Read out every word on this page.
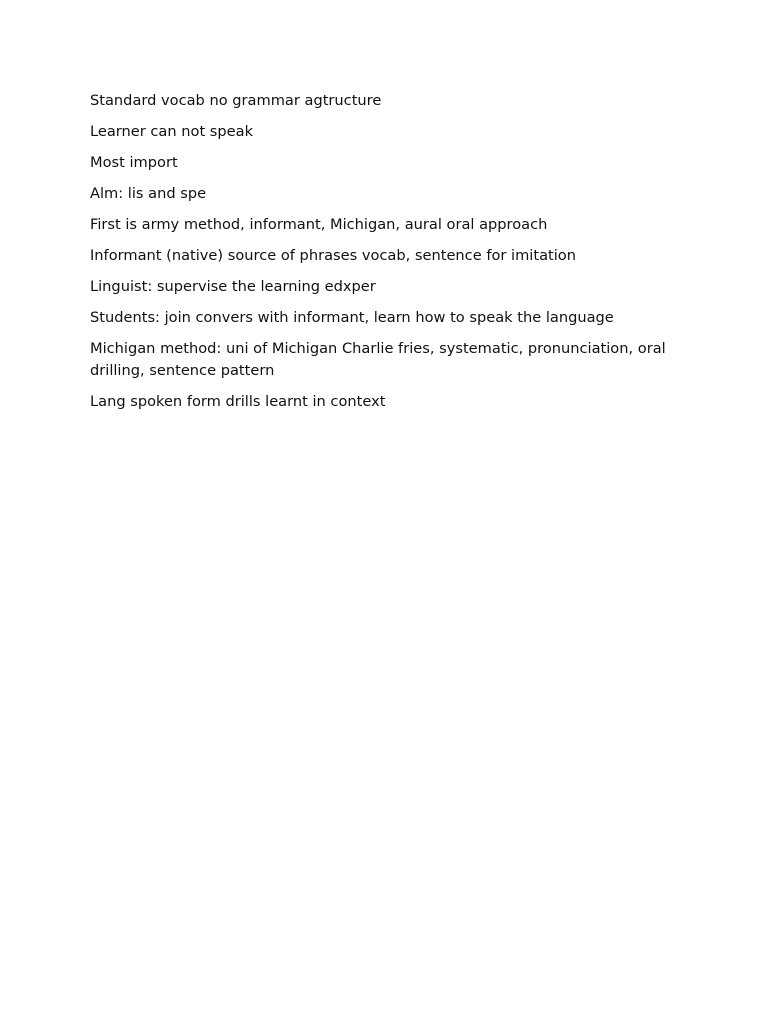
Standard vocab no grammar agtructure

Learner can not speak

Most import

Alm: lis and spe

First is army method, informant, Michigan, aural oral approach

Informant (native) source of phrases vocab, sentence for imitation

Linguist: supervise the learning edxper

Students: join convers with informant, learn how to speak the language

Michigan method: uni of Michigan Charlie fries, systematic, pronunciation, oral drilling, sentence pattern

Lang spoken form drills learnt in context
